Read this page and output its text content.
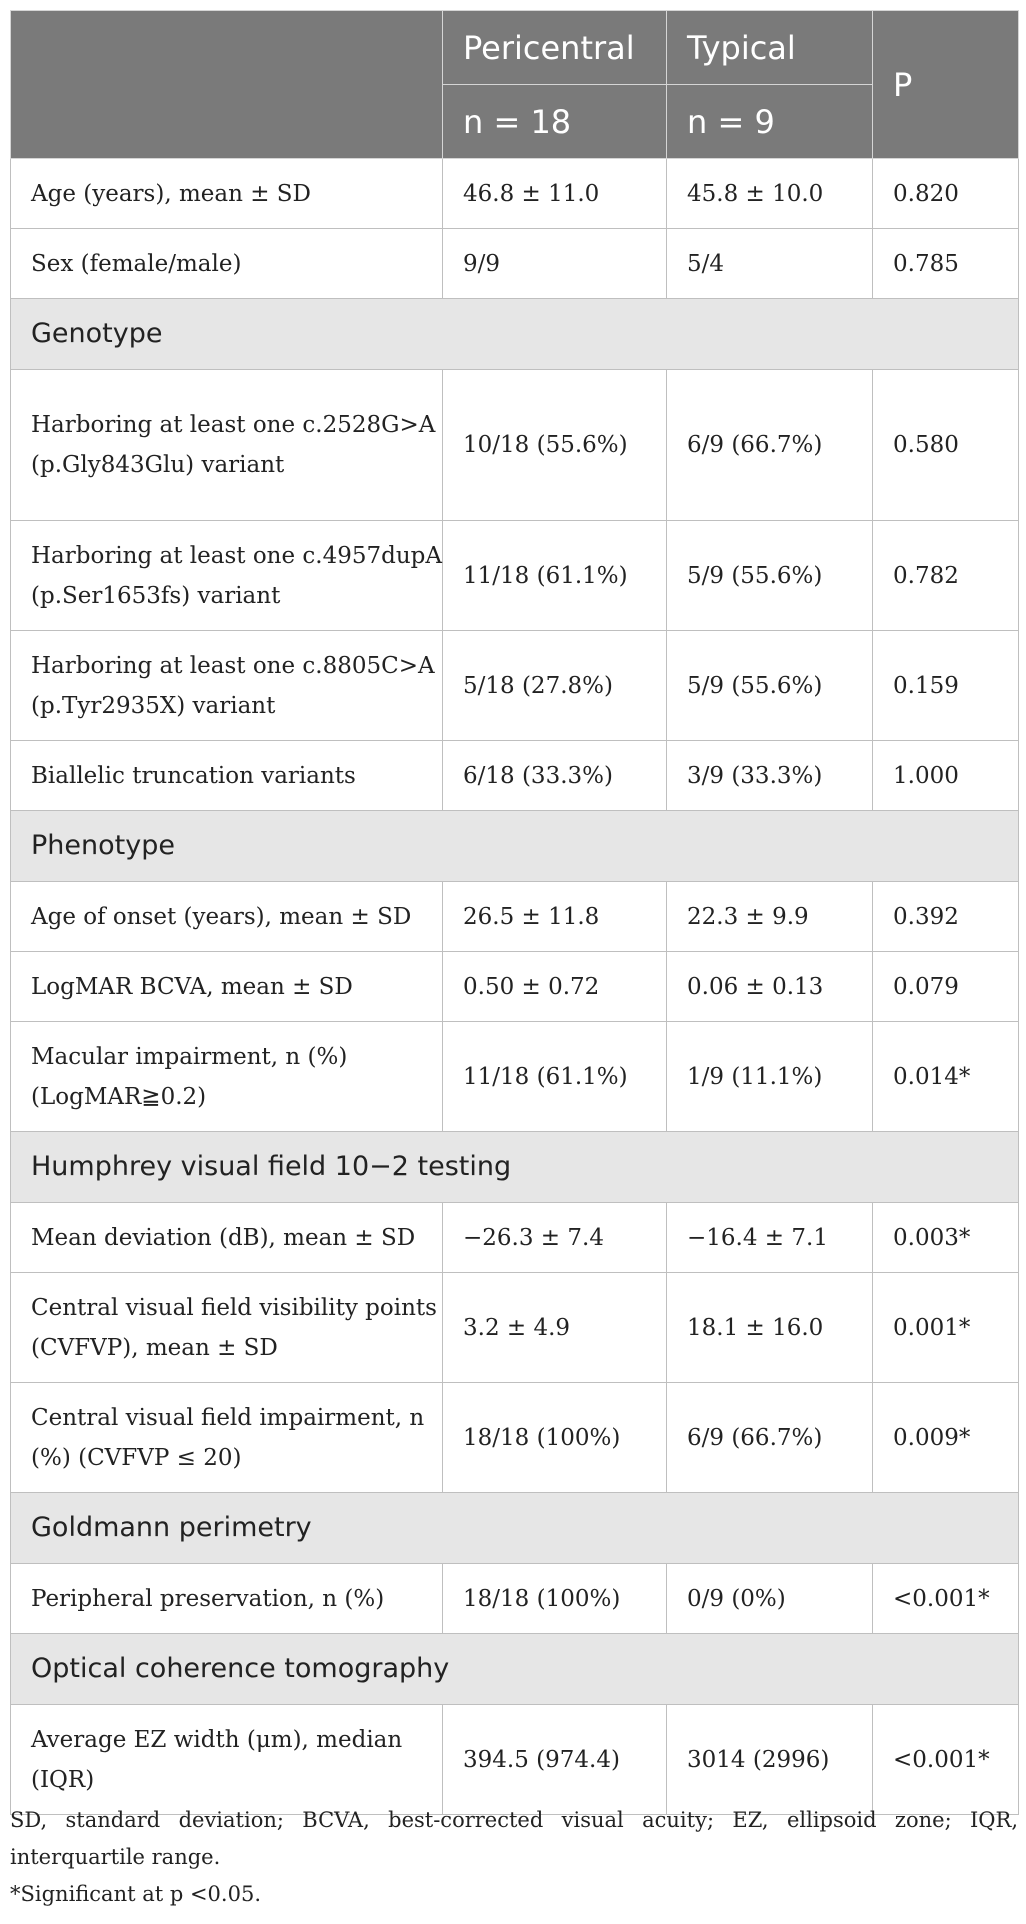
	Pericentral	Typical	P
	n = 18	n = 9	
Age (years), mean ± SD	46.8 ± 11.0	45.8 ± 10.0	0.820
Sex (female/male)	9/9	5/4	0.785
Genotype			
Harboring at least one c.2528G>A (p.Gly843Glu) variant	10/18 (55.6%)	6/9 (66.7%)	0.580
Harboring at least one c.4957dupA (p.Ser1653fs) variant	11/18 (61.1%)	5/9 (55.6%)	0.782
Harboring at least one c.8805C>A (p.Tyr2935X) variant	5/18 (27.8%)	5/9 (55.6%)	0.159
Biallelic truncation variants	6/18 (33.3%)	3/9 (33.3%)	1.000
Phenotype			
Age of onset (years), mean ± SD	26.5 ± 11.8	22.3 ± 9.9	0.392
LogMAR BCVA, mean ± SD	0.50 ± 0.72	0.06 ± 0.13	0.079
Macular impairment, n (%) (LogMAR≧0.2)	11/18 (61.1%)	1/9 (11.1%)	0.014*
Humphrey visual field 10−2 testing			
Mean deviation (dB), mean ± SD	−26.3 ± 7.4	−16.4 ± 7.1	0.003*
Central visual field visibility points (CVFVP), mean ± SD	3.2 ± 4.9	18.1 ± 16.0	0.001*
Central visual field impairment, n (%) (CVFVP ≤ 20)	18/18 (100%)	6/9 (66.7%)	0.009*
Goldmann perimetry			
Peripheral preservation, n (%)	18/18 (100%)	0/9 (0%)	<0.001*
Optical coherence tomography			
Average EZ width (μm), median (IQR)	394.5 (974.4)	3014 (2996)	<0.001*

SD, standard deviation; BCVA, best-corrected visual acuity; EZ, ellipsoid zone; IQR, interquartile range.

*Significant at p <0.05.
